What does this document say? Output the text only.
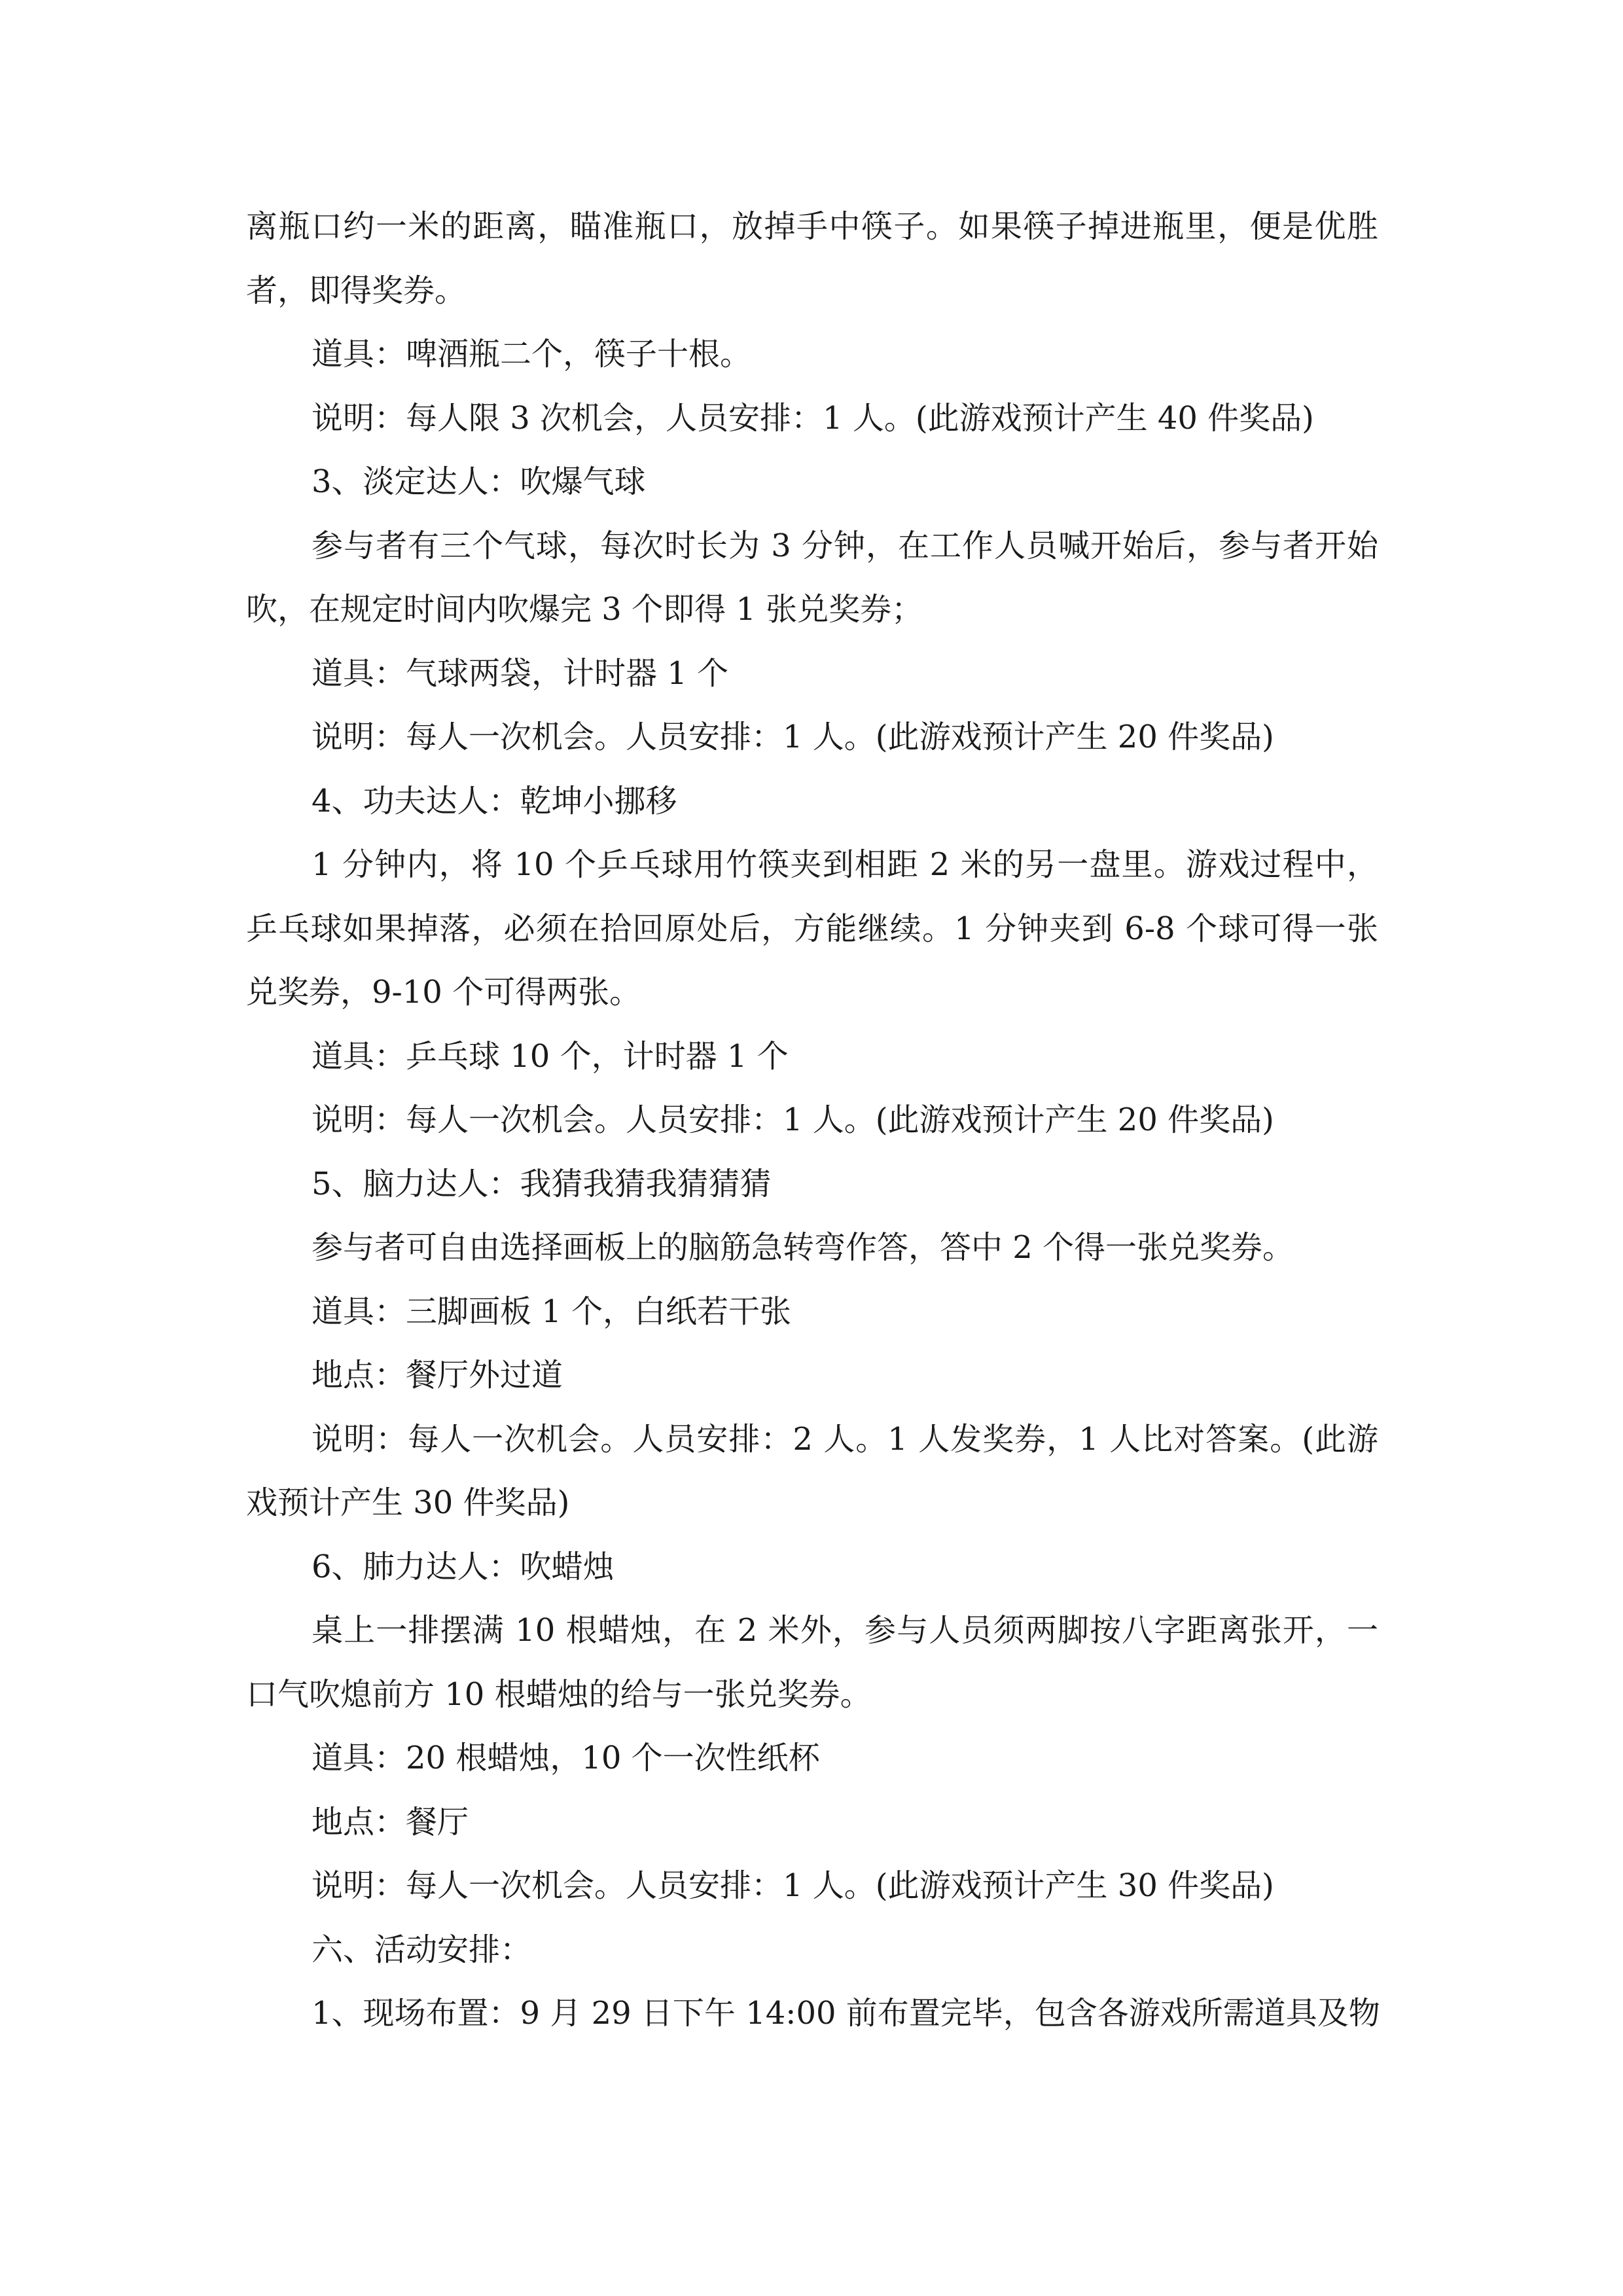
离瓶口约一米的距离，瞄准瓶口，放掉手中筷子。如果筷子掉进瓶里，便是优胜者，即得奖券。

道具：啤酒瓶二个，筷子十根。

说明：每人限 3 次机会，人员安排：1 人。(此游戏预计产生 40 件奖品)

3、淡定达人：吹爆气球

参与者有三个气球，每次时长为 3 分钟，在工作人员喊开始后，参与者开始吹，在规定时间内吹爆完 3 个即得 1 张兑奖券；

道具：气球两袋，计时器 1 个

说明：每人一次机会。人员安排：1 人。(此游戏预计产生 20 件奖品)

4、功夫达人：乾坤小挪移

1 分钟内，将 10 个乒乓球用竹筷夹到相距 2 米的另一盘里。游戏过程中，乒乓球如果掉落，必须在拾回原处后，方能继续。1 分钟夹到 6-8 个球可得一张兑奖券，9-10 个可得两张。

道具：乒乓球 10 个，计时器 1 个

说明：每人一次机会。人员安排：1 人。(此游戏预计产生 20 件奖品)

5、脑力达人：我猜我猜我猜猜猜

参与者可自由选择画板上的脑筋急转弯作答，答中 2 个得一张兑奖券。

道具：三脚画板 1 个，白纸若干张

地点：餐厅外过道

说明：每人一次机会。人员安排：2 人。1 人发奖券，1 人比对答案。(此游戏预计产生 30 件奖品)

6、肺力达人：吹蜡烛

桌上一排摆满 10 根蜡烛，在 2 米外，参与人员须两脚按八字距离张开，一口气吹熄前方 10 根蜡烛的给与一张兑奖券。

道具：20 根蜡烛，10 个一次性纸杯

地点：餐厅

说明：每人一次机会。人员安排：1 人。(此游戏预计产生 30 件奖品)

六、活动安排：

1、现场布置：9 月 29 日下午 14:00 前布置完毕，包含各游戏所需道具及物
